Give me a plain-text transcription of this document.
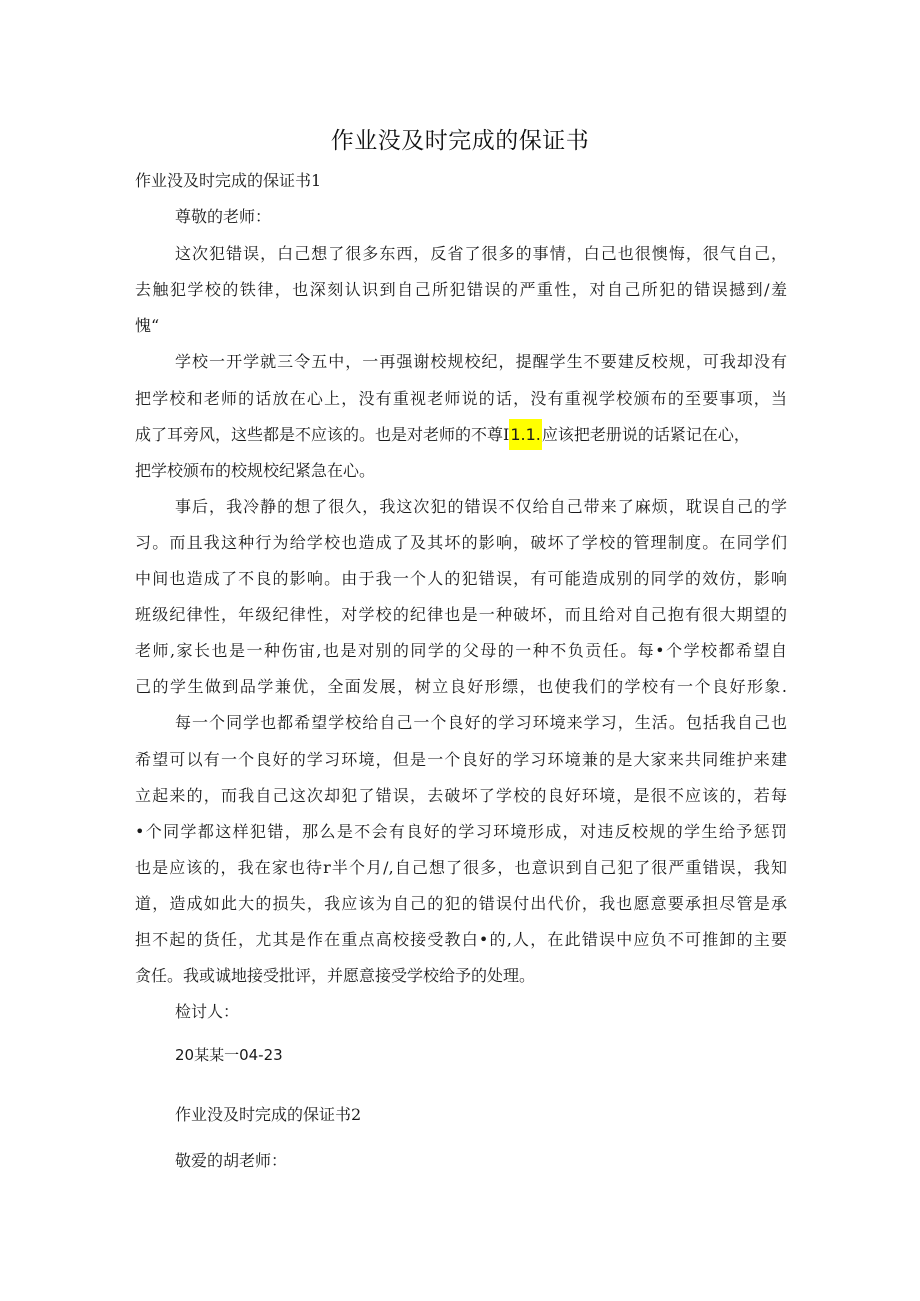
作业没及时完成的保证书
作业没及时完成的保证书1
尊敬的老师：
这次犯错误，白己想了很多东西，反省了很多的事情，白己也很懊悔，很气自己，
去触犯学校的铁律，也深刻认识到自己所犯错误的严重性，对自己所犯的错误撼到/羞
愧“
学校一开学就三令五中，一再强谢校规校纪，提醒学生不要建反校规，可我却没有
把学校和老师的话放在心上，没有重视老师说的话，没有重视学校颁布的至要事项，当
成了耳旁风，这些都是不应该的。也是对老师的不尊I1.1.应该把老册说的话紧记在心，
把学校颁布的校规校纪紧急在心。
事后，我冷静的想了很久，我这次犯的错误不仅给自己带来了麻烦，耽误自己的学
习。而且我这种行为给学校也造成了及其坏的影响，破坏了学校的管理制度。在同学们
中间也造成了不良的影响。由于我一个人的犯错误，有可能造成别的同学的效仿，影响
班级纪律性，年级纪律性，对学校的纪律也是一种破坏，而且给对自己抱有很大期望的
老师,家长也是一种伤宙,也是对别的同学的父母的一种不负贡任。每•个学校都希望自
己的学生做到品学兼优，全面发展，树立良好形缥，也使我们的学校有一个良好形象.
每一个同学也都希望学校给自己一个良好的学习环境来学习，生活。包括我自己也
希望可以有一个良好的学习环境，但是一个良好的学习环境兼的是大家来共同维护来建
立起来的，而我自己这次却犯了错误，去破坏了学校的良好环境，是很不应该的，若每
•个同学都这样犯错，那么是不会有良好的学习环境形成，对违反校规的学生给予惩罚
也是应该的，我在家也待r半个月/,自己想了很多，也意识到自己犯了很严重错误，我知
道，造成如此大的损失，我应该为自己的犯的错误付出代价，我也愿意要承担尽管是承
担不起的货任，尤其是作在重点高校接受教白•的,人，在此错误中应负不可推卸的主要
贪任。我或诚地接受批评，并愿意接受学校给予的处理。
检讨人：
20某某一04-23
作业没及时完成的保证书2
敬爱的胡老师：
